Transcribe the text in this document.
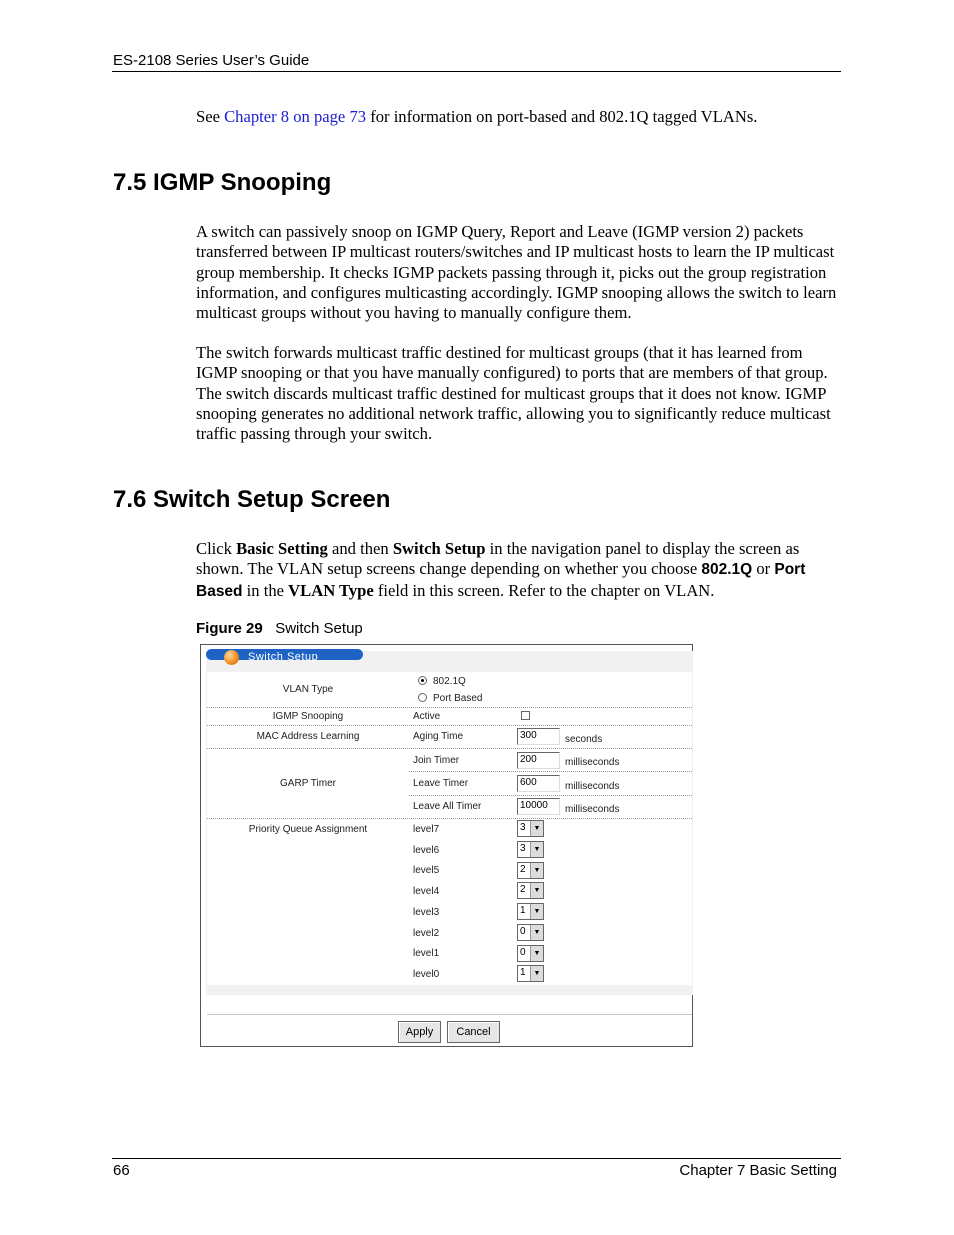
ES-2108 Series User’s Guide
See Chapter 8 on page 73 for information on port-based and 802.1Q tagged VLANs.
7.5 IGMP Snooping
A switch can passively snoop on IGMP Query, Report and Leave (IGMP version 2) packets transferred between IP multicast routers/switches and IP multicast hosts to learn the IP multicast group membership. It checks IGMP packets passing through it, picks out the group registration information, and configures multicasting accordingly. IGMP snooping allows the switch to learn multicast groups without you having to manually configure them.
The switch forwards multicast traffic destined for multicast groups (that it has learned from IGMP snooping or that you have manually configured) to ports that are members of that group. The switch discards multicast traffic destined for multicast groups that it does not know. IGMP snooping generates no additional network traffic, allowing you to significantly reduce multicast traffic passing through your switch.
7.6 Switch Setup Screen
Click Basic Setting and then Switch Setup in the navigation panel to display the screen as shown. The VLAN setup screens change depending on whether you choose 802.1Q or Port Based in the VLAN Type field in this screen. Refer to the chapter on VLAN.
Figure 29 Switch Setup
Switch Setup
VLAN Type
802.1Q
Port Based
IGMP Snooping	Active
MAC Address Learning	Aging Time	300	seconds
GARP Timer
Join Timer	200	milliseconds
Leave Timer	600	milliseconds
Leave All Timer	10000	milliseconds
Priority Queue Assignment	level7	3	▼
level6	3	▼
level5	2	▼
level4	2	▼
level3	1	▼
level2	0	▼
level1	0	▼
level0	1	▼
Apply	Cancel
66	Chapter 7 Basic Setting
